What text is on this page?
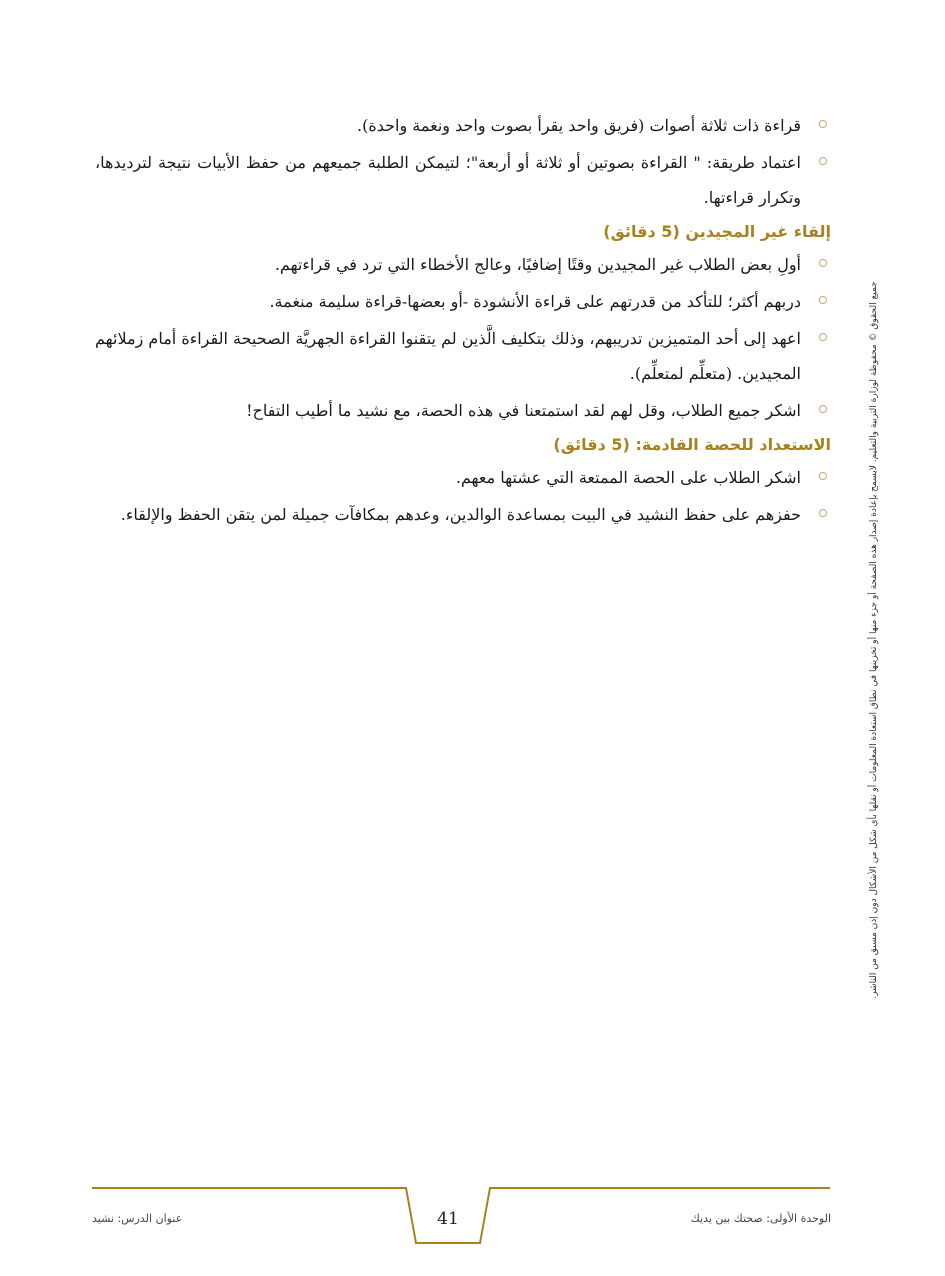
قراءة ذات ثلاثة أصوات (فريق واحد يقرأ بصوت واحد ونغمة واحدة).
اعتماد طريقة: " القراءة بصوتين أو ثلاثة أو أربعة"؛ لتيمكن الطلبة جميعهم من حفظ الأبيات نتيجة لترديدها، وتكرار قراءتها.
إلقاء غير المجيدين (5 دقائق)
أولِ بعض الطلاب غير المجيدين وقتًا إضافيًا، وعالج الأخطاء التي ترد في قراءتهم.
دربهم أكثر؛ للتأكد من قدرتهم على قراءة الأنشودة -أو بعضها-قراءة سليمة منغمة.
اعهد إلى أحد المتميزين تدريبهم، وذلك بتكليف الَّذين لم يتقنوا القراءة الجهريَّة الصحيحة القراءة أمام زملائهم المجيدين. (متعلِّم لمتعلِّم).
اشكر جميع الطلاب، وقل لهم لقد استمتعنا في هذه الحصة، مع نشيد ما أطيب التفاح!
الاستعداد للحصة القادمة: (5 دقائق)
اشكر الطلاب على الحصة الممتعة التي عشتها معهم.
حفزهم على حفظ النشيد في البيت بمساعدة الوالدين، وعدهم بمكافآت جميلة لمن يتقن الحفظ والإلقاء.	جميع الحقوق © محفوظة لوزارة التربية والتعليم. لايسمح بإعادة إصدار هذه الصفحة أو جزء منها أو تخزينها في نطاق استعادة المعلومات أو نقلها بأي شكل من الأشكال دون إذن مسبق من الناشر.
عنوان الدرس: نشيد	41	الوحدة الأولى: صحتك بين يديك
